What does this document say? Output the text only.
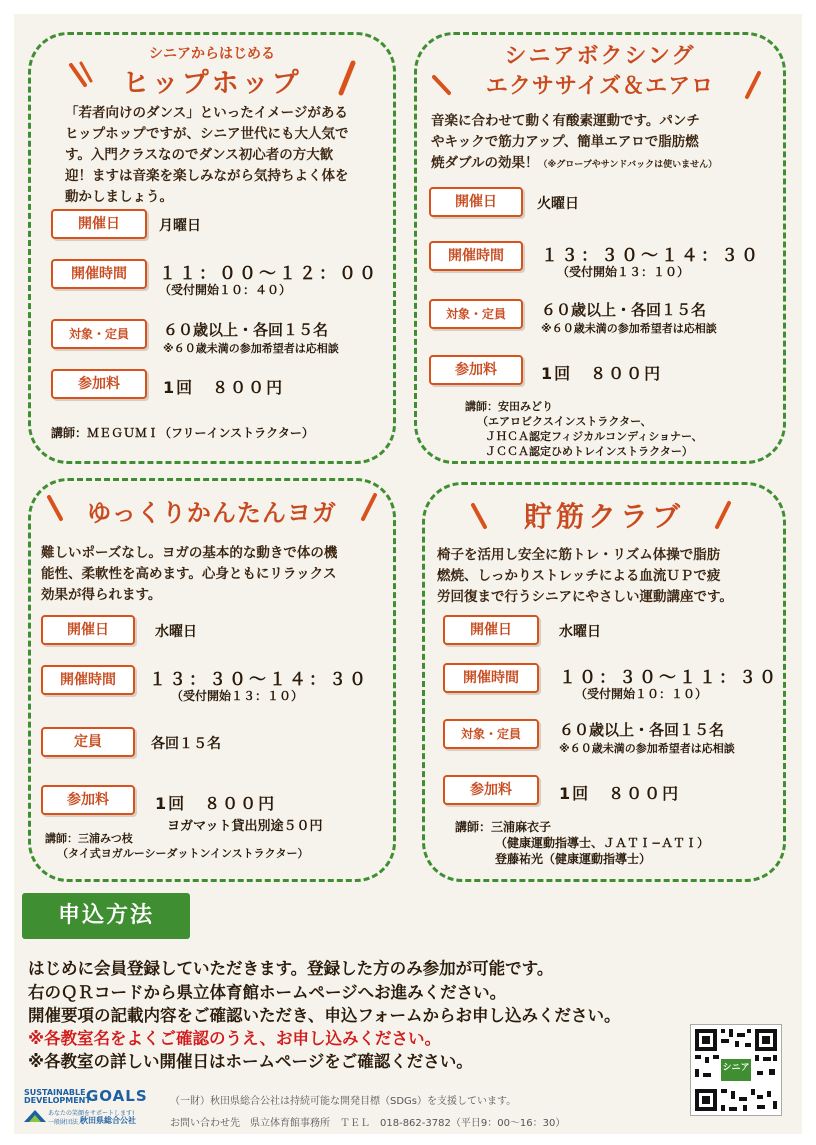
シニアからはじめる
ヒップホップ
「若者向けのダンス」といったイメージがある
ヒップホップですが、シニア世代にも大人気で
す。入門クラスなのでダンス初心者の方大歓
迎！ますは音楽を楽しみながら気持ちよく体を
動かしましょう。
開催日	月曜日
開催時間	１１：００〜１２：００
（受付開始１０：４０）
対象・定員	６０歳以上・各回１５名
※６０歳未満の参加希望者は応相談
参加料	1回　８００円
講師：ＭＥＧＵＭＩ（フリーインストラクター）
シニアボクシング
エクササイズ＆エアロ
音楽に合わせて動く有酸素運動です。パンチ
やキックで筋力アップ、簡単エアロで脂肪燃
焼ダブルの効果！（※グローブやサンドバックは使いません）
開催日	火曜日
開催時間	１３：３０〜１４：３０
（受付開始１３：１０）
対象・定員	６０歳以上・各回１５名
※６０歳未満の参加希望者は応相談
参加料	1回　８００円
講師：安田みどり
（エアロビクスインストラクター、
ＪＨＣＡ認定フィジカルコンディショナー、
ＪＣＣＡ認定ひめトレインストラクター）
ゆっくりかんたんヨガ
難しいポーズなし。ヨガの基本的な動きで体の機
能性、柔軟性を高めます。心身ともにリラックス
効果が得られます。
開催日	水曜日
開催時間	１３：３０〜１４：３０
（受付開始１３：１０）
定員	各回１５名
参加料	1回　８００円
ヨガマット貸出別途５０円
講師：三浦みつ枝
（タイ式ヨガルーシーダットンインストラクター）
貯筋クラブ
椅子を活用し安全に筋トレ・リズム体操で脂肪
燃焼、しっかりストレッチによる血流ＵＰで疲
労回復まで行うシニアにやさしい運動講座です。
開催日	水曜日
開催時間	１０：３０〜１１：３０
（受付開始１０：１０）
対象・定員	６０歳以上・各回１５名
※６０歳未満の参加希望者は応相談
参加料	1回　８００円
講師：三浦麻衣子
（健康運動指導士、ＪＡＴＩ−ＡＴＩ）
登藤祐光（健康運動指導士）
申込方法
はじめに会員登録していただきます。登録した方のみ参加が可能です。
右のＱＲコードから県立体育館ホームページへお進みください。
開催要項の記載内容をご確認いただき、申込フォームからお申し込みください。
※各教室名をよくご確認のうえ、お申し込みください。
※各教室の詳しい開催日はホームページをご確認ください。	シニア
SUSTAINABLE
DEVELOPMENT
GOALS
あなたの笑顔をサポートします!
一般財団法人
秋田県総合公社
（一財）秋田県総合公社は持続可能な開発目標（SDGs）を支援しています。
お問い合わせ先　県立体育館事務所　ＴＥＬ　018-862-3782（平日9：00〜16：30）
